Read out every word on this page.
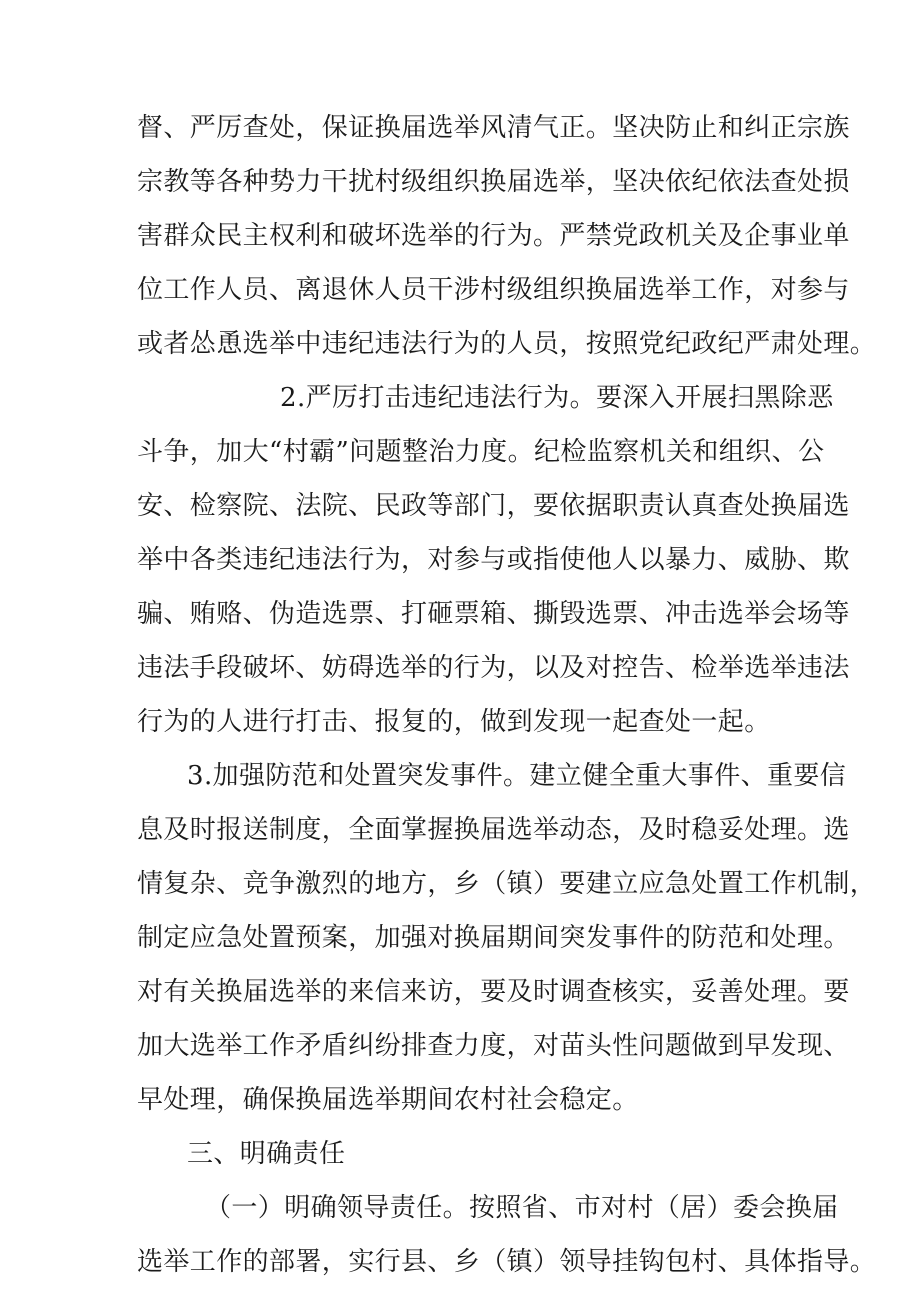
督、严厉查处，保证换届选举风清气正。坚决防止和纠正宗族
宗教等各种势力干扰村级组织换届选举，坚决依纪依法查处损
害群众民主权利和破坏选举的行为。严禁党政机关及企事业单
位工作人员、离退休人员干涉村级组织换届选举工作，对参与
或者怂恿选举中违纪违法行为的人员，按照党纪政纪严肃处理。
2.严厉打击违纪违法行为。要深入开展扫黑除恶
斗争，加大“村霸”问题整治力度。纪检监察机关和组织、公
安、检察院、法院、民政等部门，要依据职责认真查处换届选
举中各类违纪违法行为，对参与或指使他人以暴力、威胁、欺
骗、贿赂、伪造选票、打砸票箱、撕毁选票、冲击选举会场等
违法手段破坏、妨碍选举的行为，以及对控告、检举选举违法
行为的人进行打击、报复的，做到发现一起查处一起。
3.加强防范和处置突发事件。建立健全重大事件、重要信
息及时报送制度，全面掌握换届选举动态，及时稳妥处理。选
情复杂、竞争激烈的地方，乡（镇）要建立应急处置工作机制，
制定应急处置预案，加强对换届期间突发事件的防范和处理。
对有关换届选举的来信来访，要及时调查核实，妥善处理。要
加大选举工作矛盾纠纷排查力度，对苗头性问题做到早发现、
早处理，确保换届选举期间农村社会稳定。
三、明确责任
（一）明确领导责任。按照省、市对村（居）委会换届
选举工作的部署，实行县、乡（镇）领导挂钩包村、具体指导。
